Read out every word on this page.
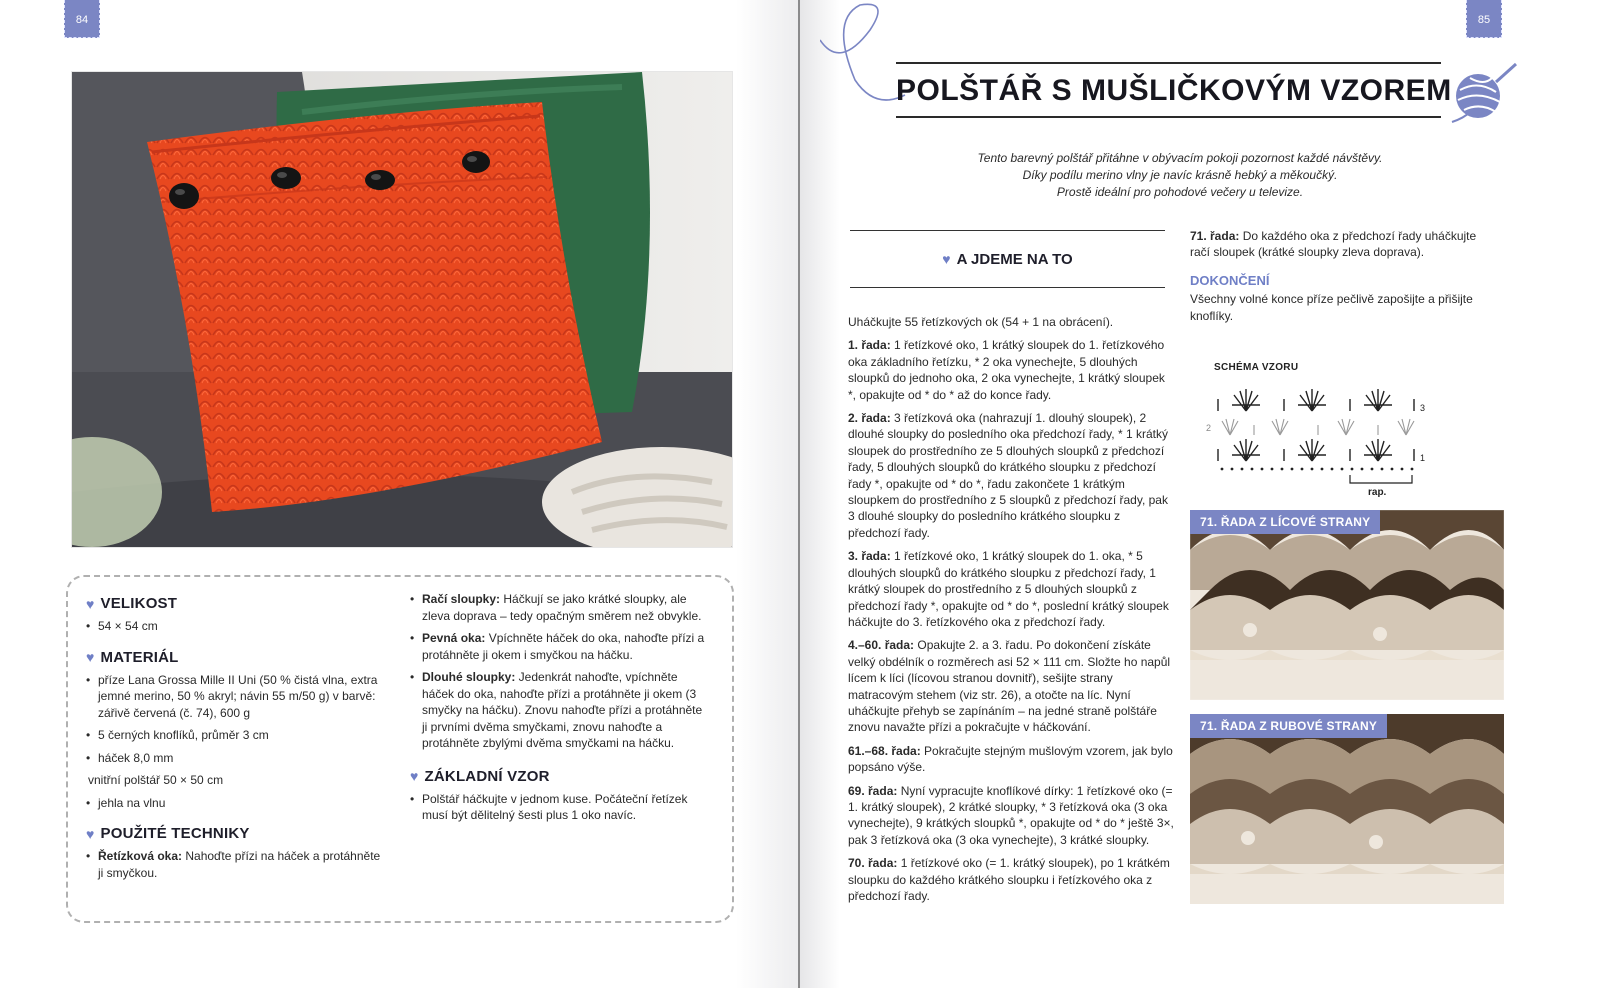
84
♥ VELIKOST
• 54 × 54 cm
♥ MATERIÁL
• příze Lana Grossa Mille II Uni (50 % čistá vlna, extra jemné merino, 50 % akryl; návin 55 m/50 g) v barvě: zářivě červená (č. 74), 600 g
• 5 černých knoflíků, průměr 3 cm
• háček 8,0 mm
vnitřní polštář 50 × 50 cm
• jehla na vlnu
♥ POUŽITÉ TECHNIKY
• Řetízková oka: Nahoďte přízi na háček a protáhněte ji smyčkou.
• Račí sloupky: Háčkují se jako krátké sloupky, ale zleva doprava – tedy opačným směrem než obvykle.
• Pevná oka: Vpíchněte háček do oka, nahoďte přízi a protáhněte ji okem i smyčkou na háčku.
• Dlouhé sloupky: Jedenkrát nahoďte, vpíchněte háček do oka, nahoďte přízi a protáhněte ji okem (3 smyčky na háčku). Znovu nahoďte přízi a protáhněte ji prvními dvěma smyčkami, znovu nahoďte a protáhněte zbylými dvěma smyčkami na háčku.
♥ ZÁKLADNÍ VZOR
• Polštář háčkujte v jednom kuse. Počáteční řetízek musí být dělitelný šesti plus 1 oko navíc.
85
POLŠTÁŘ S MUŠLIČKOVÝM VZOREM
Tento barevný polštář přitáhne v obývacím pokoji pozornost každé návštěvy.
Díky podílu merino vlny je navíc krásně hebký a měkoučký.
Prostě ideální pro pohodové večery u televize.
♥ A JDEME NA TO

Uháčkujte 55 řetízkových ok (54 + 1 na obrácení).

1. řada: 1 řetízkové oko, 1 krátký sloupek do 1. řetízkového oka základního řetízku, * 2 oka vynechejte, 5 dlouhých sloupků do jednoho oka, 2 oka vynechejte, 1 krátký sloupek *, opakujte od * do * až do konce řady.

2. řada: 3 řetízková oka (nahrazují 1. dlouhý sloupek), 2 dlouhé sloupky do posledního oka předchozí řady, * 1 krátký sloupek do prostředního ze 5 dlouhých sloupků z předchozí řady, 5 dlouhých sloupků do krátkého sloupku z předchozí řady *, opakujte od * do *, řadu zakončete 1 krátkým sloupkem do prostředního z 5 sloupků z předchozí řady, pak 3 dlouhé sloupky do posledního krátkého sloupku z předchozí řady.

3. řada: 1 řetízkové oko, 1 krátký sloupek do 1. oka, * 5 dlouhých sloupků do krátkého sloupku z předchozí řady, 1 krátký sloupek do prostředního z 5 dlouhých sloupků z předchozí řady *, opakujte od * do *, poslední krátký sloupek háčkujte do 3. řetízkového oka z předchozí řady.

4.–60. řada: Opakujte 2. a 3. řadu. Po dokončení získáte velký obdélník o rozměrech asi 52 × 111 cm. Složte ho napůl lícem k líci (lícovou stranou dovnitř), sešijte strany matracovým stehem (viz str. 26), a otočte na líc. Nyní uháčkujte přehyb se zapínáním – na jedné straně polštáře znovu navažte přízi a pokračujte v háčkování.

61.–68. řada: Pokračujte stejným mušlovým vzorem, jak bylo popsáno výše.

69. řada: Nyní vypracujte knoflíkové dírky: 1 řetízkové oko (= 1. krátký sloupek), 2 krátké sloupky, * 3 řetízková oka (3 oka vynechejte), 9 krátkých sloupků *, opakujte od * do * ještě 3×, pak 3 řetízková oka (3 oka vynechejte), 3 krátké sloupky.

70. řada: 1 řetízkové oko (= 1. krátký sloupek), po 1 krátkém sloupku do každého krátkého sloupku i řetízkového oka z předchozí řady.

71. řada: Do každého oka z předchozí řady uháčkujte račí sloupek (krátké sloupky zleva doprava).

DOKONČENÍ

Všechny volné konce příze pečlivě zapošijte a přišijte knoflíky.

SCHÉMA VZORU
3
2
1
rap.
71. ŘADA Z LÍCOVÉ STRANY
71. ŘADA Z RUBOVÉ STRANY
